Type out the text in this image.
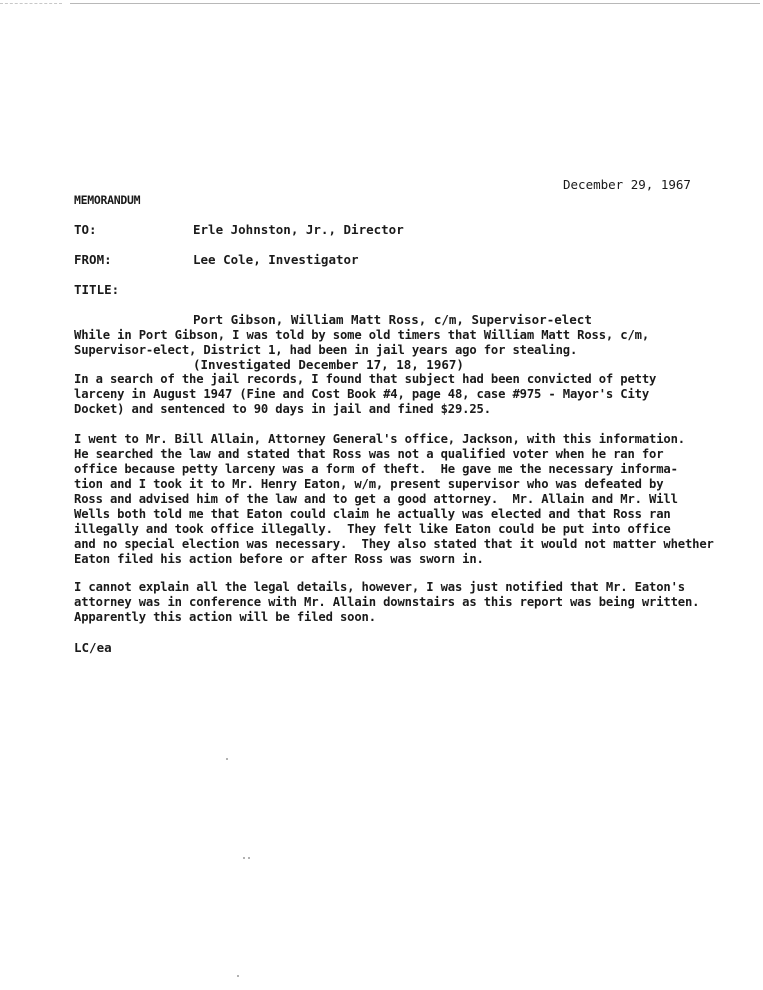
December 29, 1967
MEMORANDUM
TO:	Erle Johnston, Jr., Director
FROM:	Lee Cole, Investigator
TITLE:

Port Gibson, William Matt Ross, c/m, Supervisor-elect

(Investigated December 17, 18, 1967)

While in Port Gibson, I was told by some old timers that William Matt Ross, c/m,
Supervisor-elect, District 1, had been in jail years ago for stealing.
In a search of the jail records, I found that subject had been convicted of petty
larceny in August 1947 (Fine and Cost Book #4, page 48, case #975 - Mayor's City
Docket) and sentenced to 90 days in jail and fined $29.25.
I went to Mr. Bill Allain, Attorney General's office, Jackson, with this information.
He searched the law and stated that Ross was not a qualified voter when he ran for
office because petty larceny was a form of theft.  He gave me the necessary informa-
tion and I took it to Mr. Henry Eaton, w/m, present supervisor who was defeated by
Ross and advised him of the law and to get a good attorney.  Mr. Allain and Mr. Will
Wells both told me that Eaton could claim he actually was elected and that Ross ran
illegally and took office illegally.  They felt like Eaton could be put into office
and no special election was necessary.  They also stated that it would not matter whether
Eaton filed his action before or after Ross was sworn in.
I cannot explain all the legal details, however, I was just notified that Mr. Eaton's
attorney was in conference with Mr. Allain downstairs as this report was being written.
Apparently this action will be filed soon.
LC/ea
